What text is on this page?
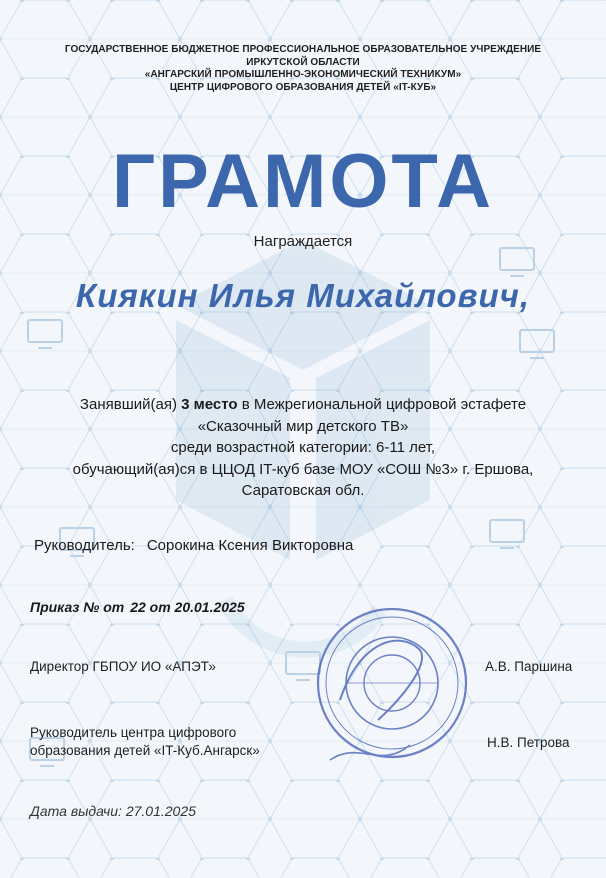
ГОСУДАРСТВЕННОЕ БЮДЖЕТНОЕ ПРОФЕССИОНАЛЬНОЕ ОБРАЗОВАТЕЛЬНОЕ УЧРЕЖДЕНИЕ
ИРКУТСКОЙ ОБЛАСТИ
«АНГАРСКИЙ ПРОМЫШЛЕННО-ЭКОНОМИЧЕСКИЙ ТЕХНИКУМ»
ЦЕНТР ЦИФРОВОГО ОБРАЗОВАНИЯ ДЕТЕЙ «IT-КУБ»
ГРАМОТА
Награждается
Киякин Илья Михайлович,
Занявший(ая) 3 место в Межрегиональной цифровой эстафете
«Сказочный мир детского ТВ»
среди возрастной категории: 6-11 лет,
обучающий(ая)ся в ЦЦОД IT-куб базе МОУ «СОШ №3» г. Ершова,
Саратовская обл.
Руководитель: Сорокина Ксения Викторовна
Приказ № от 22 от 20.01.2025
Директор ГБПОУ ИО «АПЭТ»	А.В. Паршина
Руководитель центра цифрового
образования детей «IT-Куб.Ангарск»
Н.В. Петрова
Дата выдачи: 27.01.2025
